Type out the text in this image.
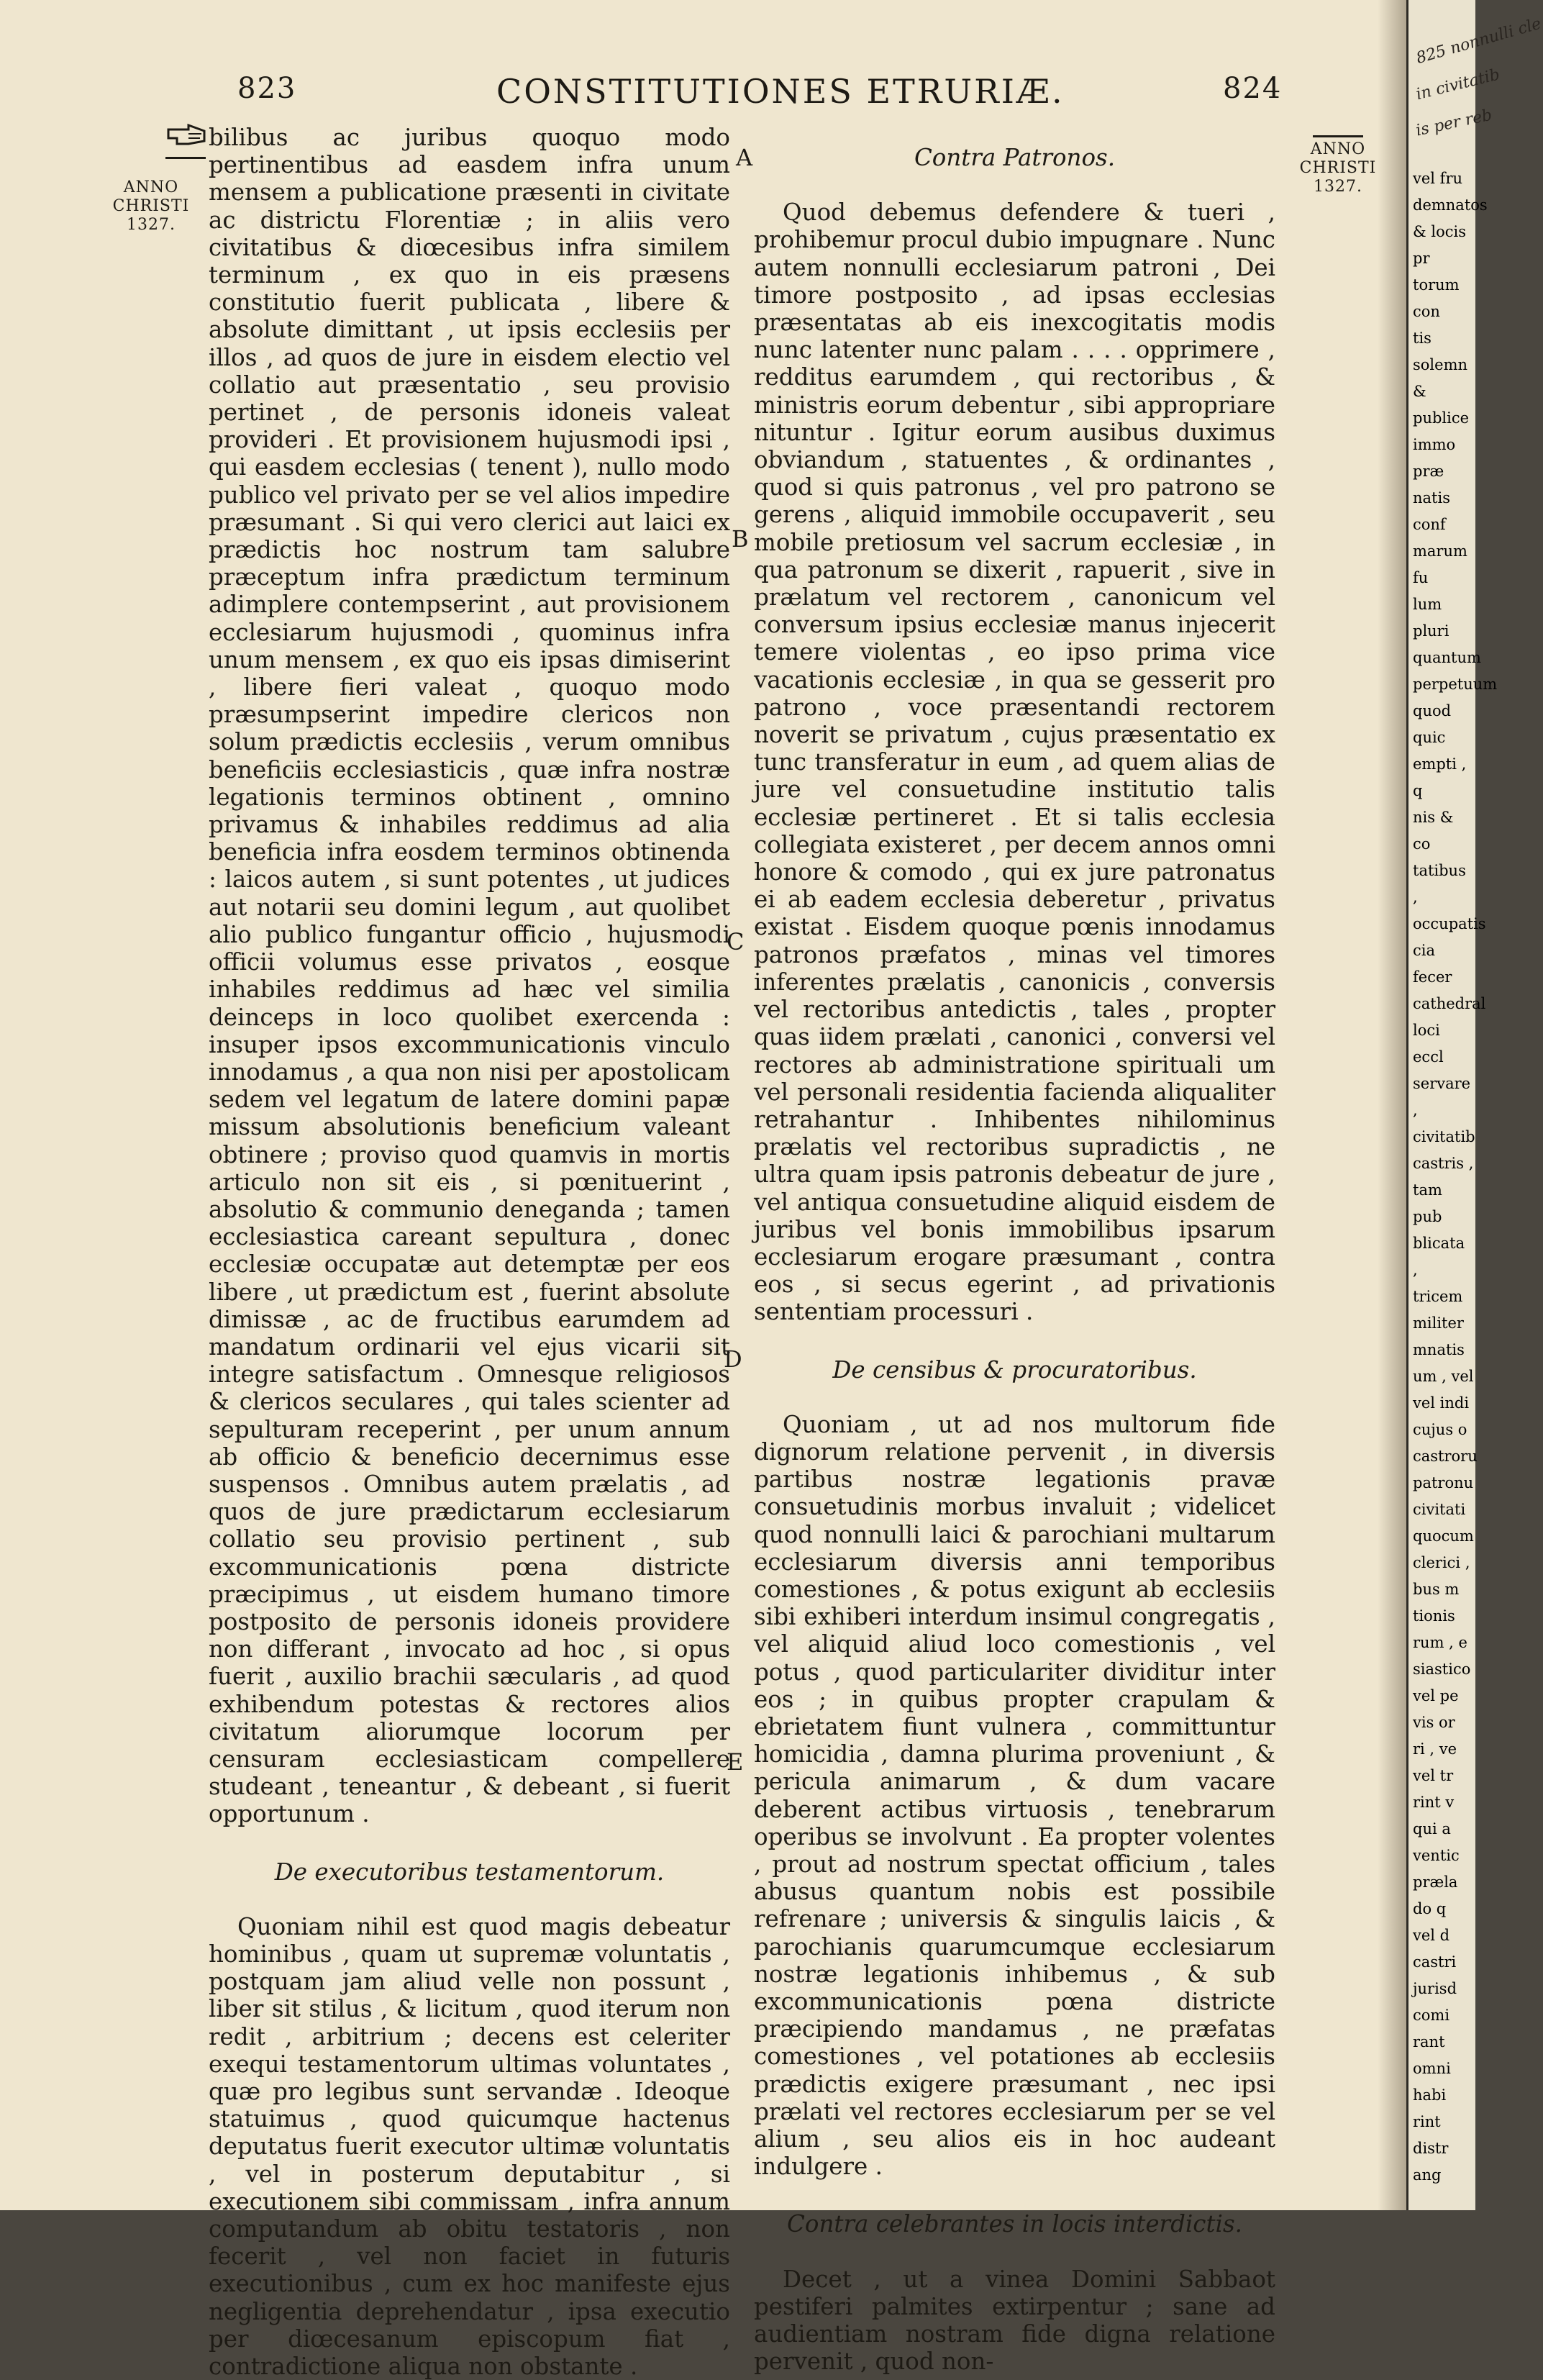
823	CONSTITUTIONES ETRURIÆ.	824
ANNO
CHRISTI
1327.
ANNO
CHRISTI
1327.
A
B
C
D
E

bilibus ac juribus quoquo modo pertinentibus ad easdem infra unum mensem a publicatione præsenti in civitate ac districtu Florentiæ ; in aliis vero civitatibus & diœcesibus infra similem terminum , ex quo in eis præsens constitutio fuerit publicata , libere & absolute dimittant , ut ipsis ecclesiis per illos , ad quos de jure in eisdem electio vel collatio aut præsentatio , seu provisio pertinet , de personis idoneis valeat provideri . Et provisionem hujusmodi ipsi , qui easdem ecclesias ( tenent ), nullo modo publico vel privato per se vel alios impedire præsumant . Si qui vero clerici aut laici ex prædictis hoc nostrum tam salubre præceptum infra prædictum terminum adimplere contempserint , aut provisionem ecclesiarum hujusmodi , quominus infra unum mensem , ex quo eis ipsas dimiserint , libere fieri valeat , quoquo modo præsumpserint impedire clericos non solum prædictis ecclesiis , verum omnibus beneficiis ecclesiasticis , quæ infra nostræ legationis terminos obtinent , omnino privamus & inhabiles reddimus ad alia beneficia infra eosdem terminos obtinenda : laicos autem , si sunt potentes , ut judices aut notarii seu domini legum , aut quolibet alio publico fungantur officio , hujusmodi officii volumus esse privatos , eosque inhabiles reddimus ad hæc vel similia deinceps in loco quolibet exercenda : insuper ipsos excommunicationis vinculo innodamus , a qua non nisi per apostolicam sedem vel legatum de latere domini papæ missum absolutionis beneficium valeant obtinere ; proviso quod quamvis in mortis articulo non sit eis , si pœnituerint , absolutio & communio deneganda ; tamen ecclesiastica careant sepultura , donec ecclesiæ occupatæ aut detemptæ per eos libere , ut prædictum est , fuerint absolute dimissæ , ac de fructibus earumdem ad mandatum ordinarii vel ejus vicarii sit integre satisfactum . Omnesque religiosos & clericos seculares , qui tales scienter ad sepulturam receperint , per unum annum ab officio & beneficio decernimus esse suspensos . Omnibus autem prælatis , ad quos de jure prædictarum ecclesiarum collatio seu provisio pertinent , sub excommunicationis pœna districte præcipimus , ut eisdem humano timore postposito de personis idoneis providere non differant , invocato ad hoc , si opus fuerit , auxilio brachii sæcularis , ad quod exhibendum potestas & rectores alios civitatum aliorumque locorum per censuram ecclesiasticam compellere studeant , teneantur , & debeant , si fuerit opportunum .

De executoribus testamentorum.

Quoniam nihil est quod magis debeatur hominibus , quam ut supremæ voluntatis , postquam jam aliud velle non possunt , liber sit stilus , & licitum , quod iterum non redit , arbitrium ; decens est celeriter exequi testamentorum ultimas voluntates , quæ pro legibus sunt servandæ . Ideoque statuimus , quod quicumque hactenus deputatus fuerit executor ultimæ voluntatis , vel in posterum deputabitur , si executionem sibi commissam , infra annum computandum ab obitu testatoris , non fecerit , vel non faciet in futuris executionibus , cum ex hoc manifeste ejus negligentia deprehendatur , ipsa executio per diœcesanum episcopum fiat , contradictione aliqua non obstante .

Contra Patronos.

Quod debemus defendere & tueri , prohibemur procul dubio impugnare . Nunc autem nonnulli ecclesiarum patroni , Dei timore postposito , ad ipsas ecclesias præsentatas ab eis inexcogitatis modis nunc latenter nunc palam . . . . opprimere , redditus earumdem , qui rectoribus , & ministris eorum debentur , sibi appropriare nituntur . Igitur eorum ausibus duximus obviandum , statuentes , & ordinantes , quod si quis patronus , vel pro patrono se gerens , aliquid immobile occupaverit , seu mobile pretiosum vel sacrum ecclesiæ , in qua patronum se dixerit , rapuerit , sive in prælatum vel rectorem , canonicum vel conversum ipsius ecclesiæ manus injecerit temere violentas , eo ipso prima vice vacationis ecclesiæ , in qua se gesserit pro patrono , voce præsentandi rectorem noverit se privatum , cujus præsentatio ex tunc transferatur in eum , ad quem alias de jure vel consuetudine institutio talis ecclesiæ pertineret . Et si talis ecclesia collegiata existeret , per decem annos omni honore & comodo , qui ex jure patronatus ei ab eadem ecclesia deberetur , privatus existat . Eisdem quoque pœnis innodamus patronos præfatos , minas vel timores inferentes prælatis , canonicis , conversis vel rectoribus antedictis , tales , propter quas iidem prælati , canonici , conversi vel rectores ab administratione spirituali um vel personali residentia facienda aliqualiter retrahantur . Inhibentes nihilominus prælatis vel rectoribus supradictis , ne ultra quam ipsis patronis debeatur de jure , vel antiqua consuetudine aliquid eisdem de juribus vel bonis immobilibus ipsarum ecclesiarum erogare præsumant , contra eos , si secus egerint , ad privationis sententiam processuri .

De censibus & procuratoribus.

Quoniam , ut ad nos multorum fide dignorum relatione pervenit , in diversis partibus nostræ legationis pravæ consuetudinis morbus invaluit ; videlicet quod nonnulli laici & parochiani multarum ecclesiarum diversis anni temporibus comestiones , & potus exigunt ab ecclesiis sibi exhiberi interdum insimul congregatis , vel aliquid aliud loco comestionis , vel potus , quod particulariter dividitur inter eos ; in quibus propter crapulam & ebrietatem fiunt vulnera , committuntur homicidia , damna plurima proveniunt , & pericula animarum , & dum vacare deberent actibus virtuosis , tenebrarum operibus se involvunt . Ea propter volentes , prout ad nostrum spectat officium , tales abusus quantum nobis est possibile refrenare ; universis & singulis laicis , & parochianis quarumcumque ecclesiarum nostræ legationis inhibemus , & sub excommunicationis pœna districte præcipiendo mandamus , ne præfatas comestiones , vel potationes ab ecclesiis prædictis exigere præsumant , nec ipsi prælati vel rectores ecclesiarum per se vel alium , seu alios eis in hoc audeant indulgere .

Contra celebrantes in locis interdictis.

Decet , ut a vinea Domini Sabbaot pestiferi palmites extirpentur ; sane ad audientiam nostram fide digna relatione pervenit , quod non-

825 nonnulli cle
in civitatib
is per reb
vel fru
demnatos
& locis pr
torum con
tis solemn
& publice
immo præ
natis conf
marum fu
lum pluri
quantum
perpetuum
quod quic
empti , q
nis & co
tatibus ,
occupatis
cia fecer
cathedral
loci eccl
servare ,
civitatib
castris ,
tam pub
blicata ,
tricem
militer
mnatis
um , vel
vel indi
cujus o
castroru
patronu
civitati
quocum
clerici ,
bus m
tionis
rum , e
siastico
vel pe
vis or
ri , ve
vel tr
rint v
qui a
ventic
præla
do q
vel d
castri
jurisd
comi
rant
omni
habi
rint
distr
ang
